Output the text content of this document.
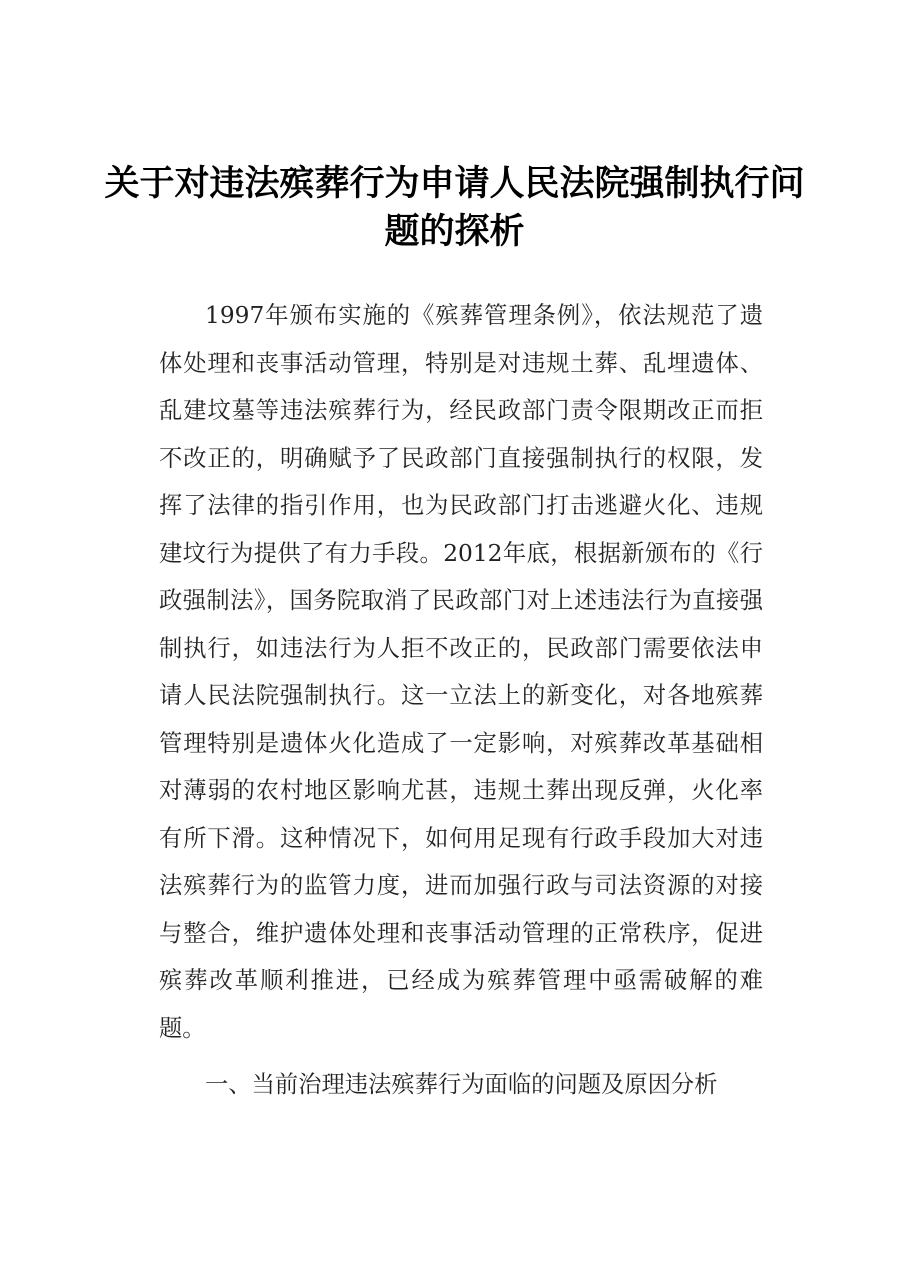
关于对违法殡葬行为申请人民法院强制执行问
题的探析

1997年颁布实施的《殡葬管理条例》，依法规范了遗体处理和丧事活动管理，特别是对违规土葬、乱埋遗体、乱建坟墓等违法殡葬行为，经民政部门责令限期改正而拒不改正的，明确赋予了民政部门直接强制执行的权限，发挥了法律的指引作用，也为民政部门打击逃避火化、违规建坟行为提供了有力手段。2012年底，根据新颁布的《行政强制法》，国务院取消了民政部门对上述违法行为直接强制执行，如违法行为人拒不改正的，民政部门需要依法申请人民法院强制执行。这一立法上的新变化，对各地殡葬管理特别是遗体火化造成了一定影响，对殡葬改革基础相对薄弱的农村地区影响尤甚，违规土葬出现反弹，火化率有所下滑。这种情况下，如何用足现有行政手段加大对违法殡葬行为的监管力度，进而加强行政与司法资源的对接与整合，维护遗体处理和丧事活动管理的正常秩序，促进殡葬改革顺利推进，已经成为殡葬管理中亟需破解的难题。

一、当前治理违法殡葬行为面临的问题及原因分析
